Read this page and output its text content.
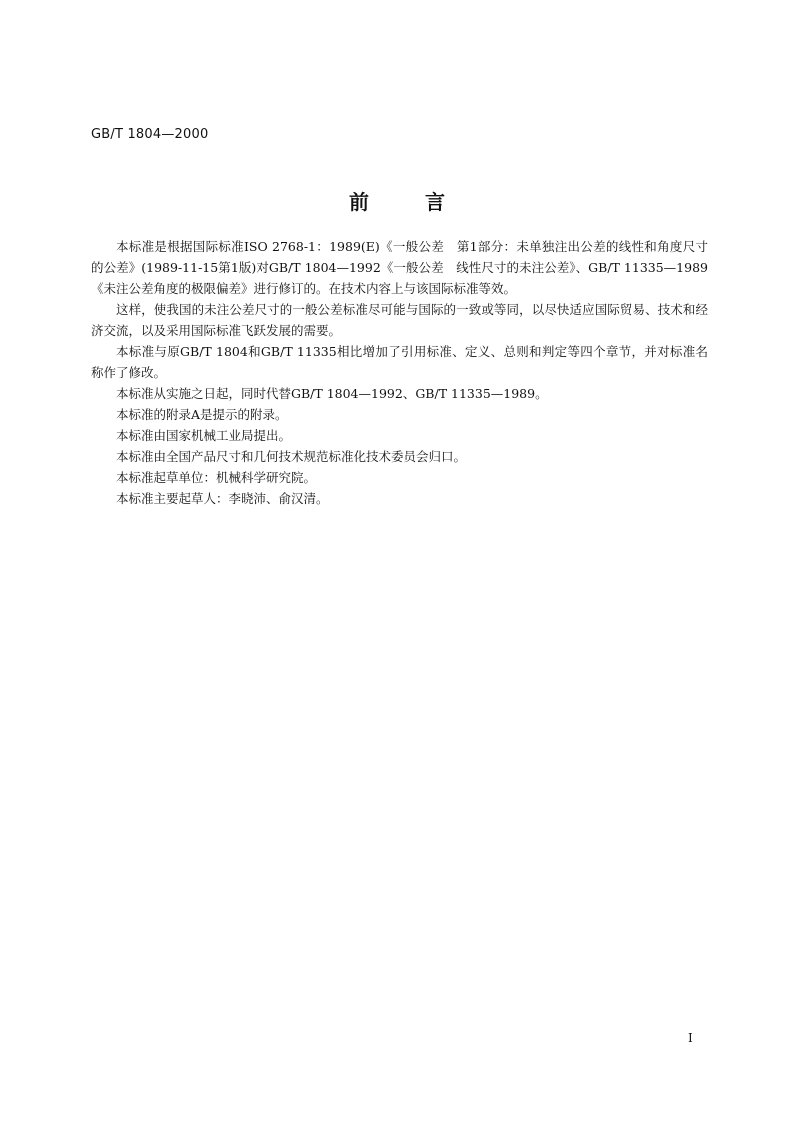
GB/T 1804—2000
前言

本标准是根据国际标准ISO 2768-1：1989(E)《一般公差　第1部分：未单独注出公差的线性和角度尺寸的公差》(1989-11-15第1版)对GB/T 1804—1992《一般公差　线性尺寸的未注公差》、GB/T 11335—1989《未注公差角度的极限偏差》进行修订的。在技术内容上与该国际标准等效。

这样，使我国的未注公差尺寸的一般公差标准尽可能与国际的一致或等同，以尽快适应国际贸易、技术和经济交流，以及采用国际标准飞跃发展的需要。

本标准与原GB/T 1804和GB/T 11335相比增加了引用标准、定义、总则和判定等四个章节，并对标准名称作了修改。

本标准从实施之日起，同时代替GB/T 1804—1992、GB/T 11335—1989。

本标准的附录A是提示的附录。

本标准由国家机械工业局提出。

本标准由全国产品尺寸和几何技术规范标准化技术委员会归口。

本标准起草单位：机械科学研究院。

本标准主要起草人：李晓沛、俞汉清。

I
